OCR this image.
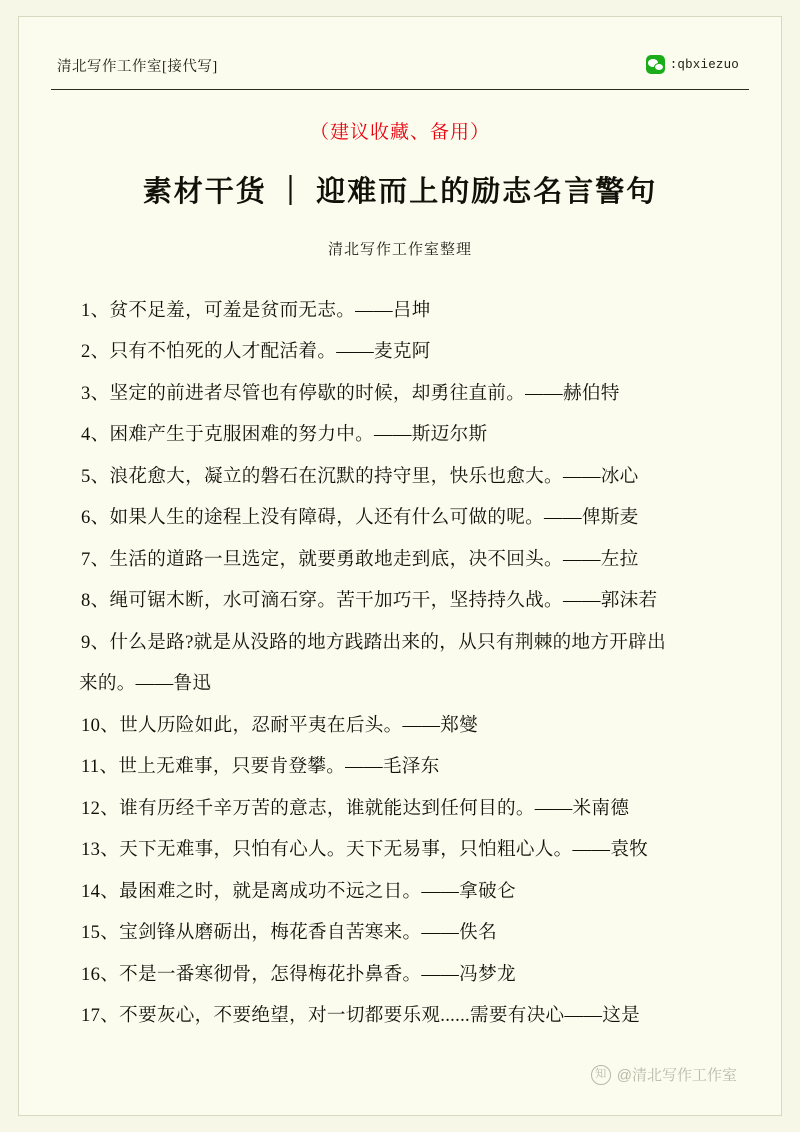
清北写作工作室[接代写]	:qbxiezuo
（建议收藏、备用）
素材干货 ｜ 迎难而上的励志名言警句
清北写作工作室整理
1、贫不足羞，可羞是贫而无志。——吕坤
2、只有不怕死的人才配活着。——麦克阿
3、坚定的前进者尽管也有停歇的时候，却勇往直前。——赫伯特
4、困难产生于克服困难的努力中。——斯迈尔斯
5、浪花愈大，凝立的磐石在沉默的持守里，快乐也愈大。——冰心
6、如果人生的途程上没有障碍，人还有什么可做的呢。——俾斯麦
7、生活的道路一旦选定，就要勇敢地走到底，决不回头。——左拉
8、绳可锯木断，水可滴石穿。苦干加巧干，坚持持久战。——郭沫若
9、什么是路?就是从没路的地方践踏出来的，从只有荆棘的地方开辟出
来的。——鲁迅
10、世人历险如此，忍耐平夷在后头。——郑燮
11、世上无难事，只要肯登攀。——毛泽东
12、谁有历经千辛万苦的意志，谁就能达到任何目的。——米南德
13、天下无难事，只怕有心人。天下无易事，只怕粗心人。——袁牧
14、最困难之时，就是离成功不远之日。——拿破仑
15、宝剑锋从磨砺出，梅花香自苦寒来。——佚名
16、不是一番寒彻骨，怎得梅花扑鼻香。——冯梦龙
17、不要灰心，不要绝望，对一切都要乐观......需要有决心——这是
知 @清北写作工作室
